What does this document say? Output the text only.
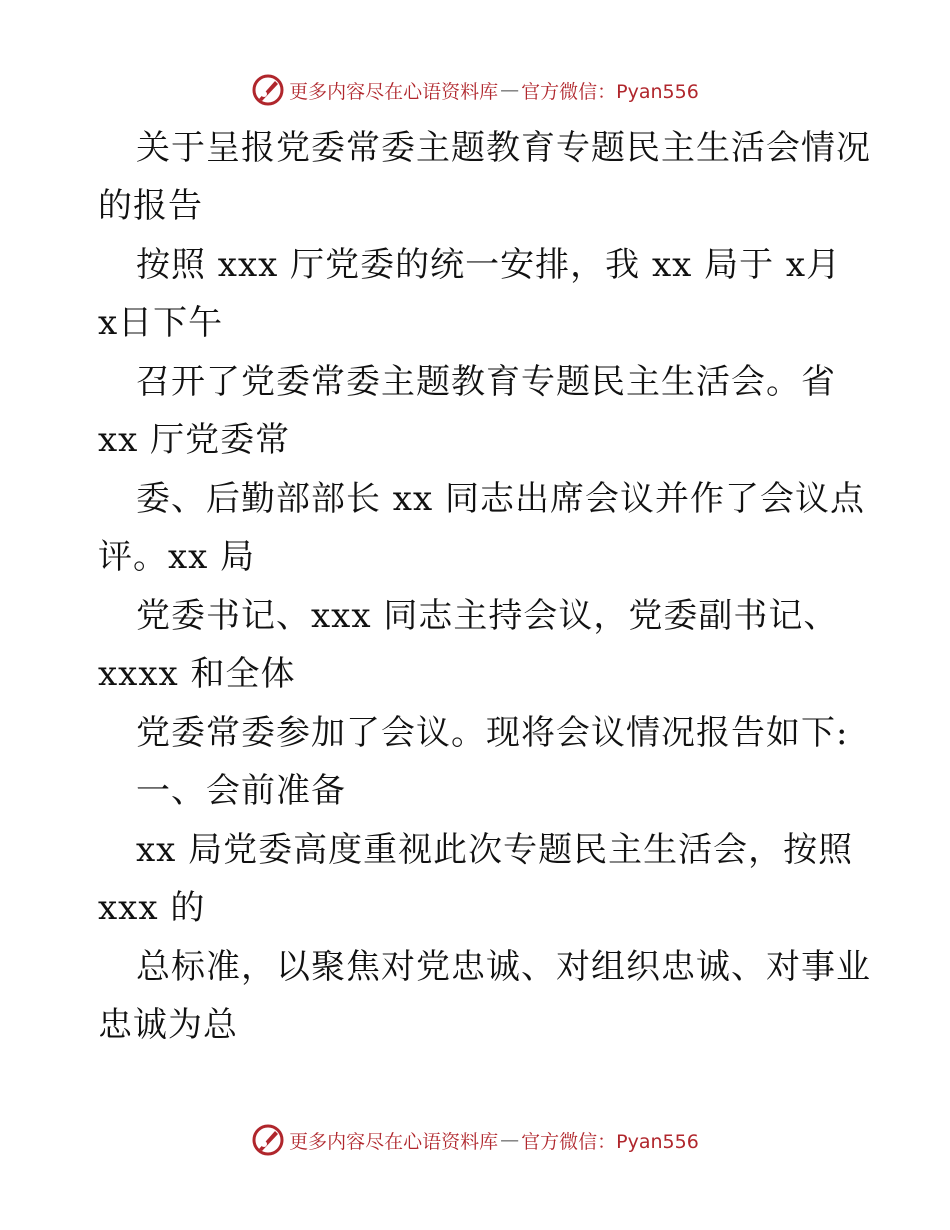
更多内容尽在心语资料库 — 官方微信：Pyan556
关于呈报党委常委主题教育专题民主生活会情况
的报告
按照 xxx 厅党委的统一安排，我 xx 局于 x月
x日下午
召开了党委常委主题教育专题民主生活会。省
xx 厅党委常
委、后勤部部长 xx 同志出席会议并作了会议点
评。xx 局
党委书记、xxx 同志主持会议，党委副书记、
xxxx 和全体
党委常委参加了会议。现将会议情况报告如下:
一、会前准备
xx 局党委高度重视此次专题民主生活会，按照
xxx 的
总标准，以聚焦对党忠诚、对组织忠诚、对事业
忠诚为总
更多内容尽在心语资料库 — 官方微信：Pyan556
